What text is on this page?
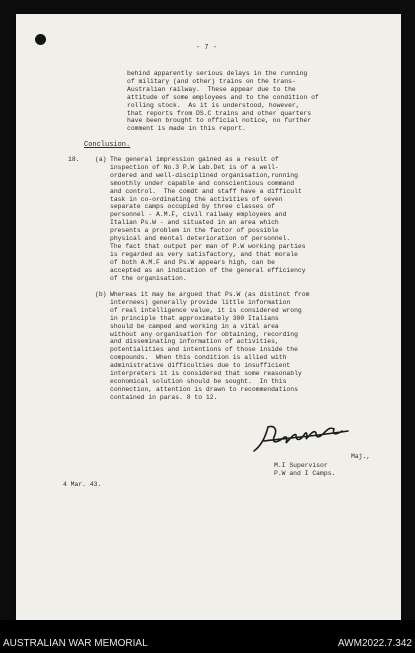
- 7 -
behind apparently serious delays in the running
of military (and other) trains on the trans-
Australian railway.  These appear due to the
attitude of some employees and to the condition of
rolling stock.  As it is understood, however,
that reports from DS.C trains and other quarters
have been brought to official notice, no further
comment is made in this report.
Conclusion.
18. (a) The general impression gained as a result of
inspection of No.3 P.W Lab.Det is of a well-
ordered and well-disciplined organisation,running
smoothly under capable and conscientious command
and control.  The comdt and staff have a difficult
task in co-ordinating the activities of seven
separate camps occupied by three classes of
personnel - A.M.F, civil railway employees and
Italian Ps.W - and situated in an area which
presents a problem in the factor of possible
physical and mental deterioration of personnel.
The fact that output per man of P.W working parties
is regarded as very satisfactory, and that morale
of both A.M.F and Ps.W appears high, can be
accepted as an indication of the general efficiency
of the organisation.
(b) Whereas it may be argued that Ps.W (as distinct from
internees) generally provide little information
of real intelligence value, it is considered wrong
in principle that approximately 300 Italians
should be camped and working in a vital area
without any organisation for obtaining, recording
and disseminating information of activities,
potentialities and intentions of those inside the
compounds.  When this condition is allied with
administrative difficulties due to insufficient
interpreters it is considered that some reasonably
economical solution should be sought.  In this
connection, attention is drawn to recommendations
contained in paras. 8 to 12.
Maj.,
M.I Supervisor
P.W and I Camps.
4 Mar. 43.
AUSTRALIAN WAR MEMORIAL	AWM2022.7.342
